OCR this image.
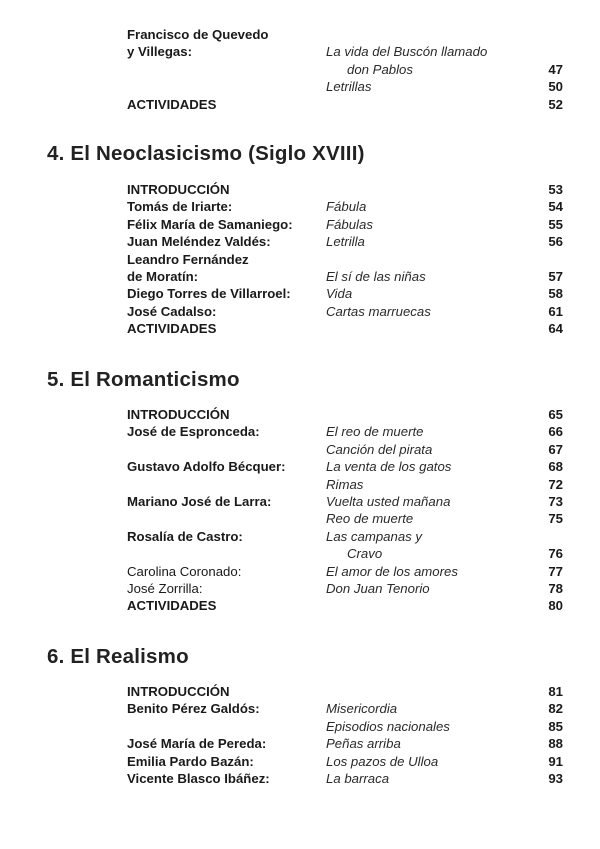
Francisco de Quevedo
y Villegas:	La vida del Buscón llamado
don Pablos	47
Letrillas	50
ACTIVIDADES	52
4. El Neoclasicismo (Siglo XVIII)
INTRODUCCIÓN	53
Tomás de Iriarte:	Fábula	54
Félix María de Samaniego:	Fábulas	55
Juan Meléndez Valdés:	Letrilla	56
Leandro Fernández
de Moratín:	El sí de las niñas	57
Diego Torres de Villarroel:	Vida	58
José Cadalso:	Cartas marruecas	61
ACTIVIDADES	64
5. El Romanticismo
INTRODUCCIÓN	65
José de Espronceda:	El reo de muerte	66
Canción del pirata	67
Gustavo Adolfo Bécquer:	La venta de los gatos	68
Rimas	72
Mariano José de Larra:	Vuelta usted mañana	73
Reo de muerte	75
Rosalía de Castro:	Las campanas y
Cravo	76
Carolina Coronado:	El amor de los amores	77
José Zorrilla:	Don Juan Tenorio	78
ACTIVIDADES	80
6. El Realismo
INTRODUCCIÓN	81
Benito Pérez Galdós:	Misericordia	82
Episodios nacionales	85
José María de Pereda:	Peñas arriba	88
Emilia Pardo Bazán:	Los pazos de Ulloa	91
Vicente Blasco Ibáñez:	La barraca	93
